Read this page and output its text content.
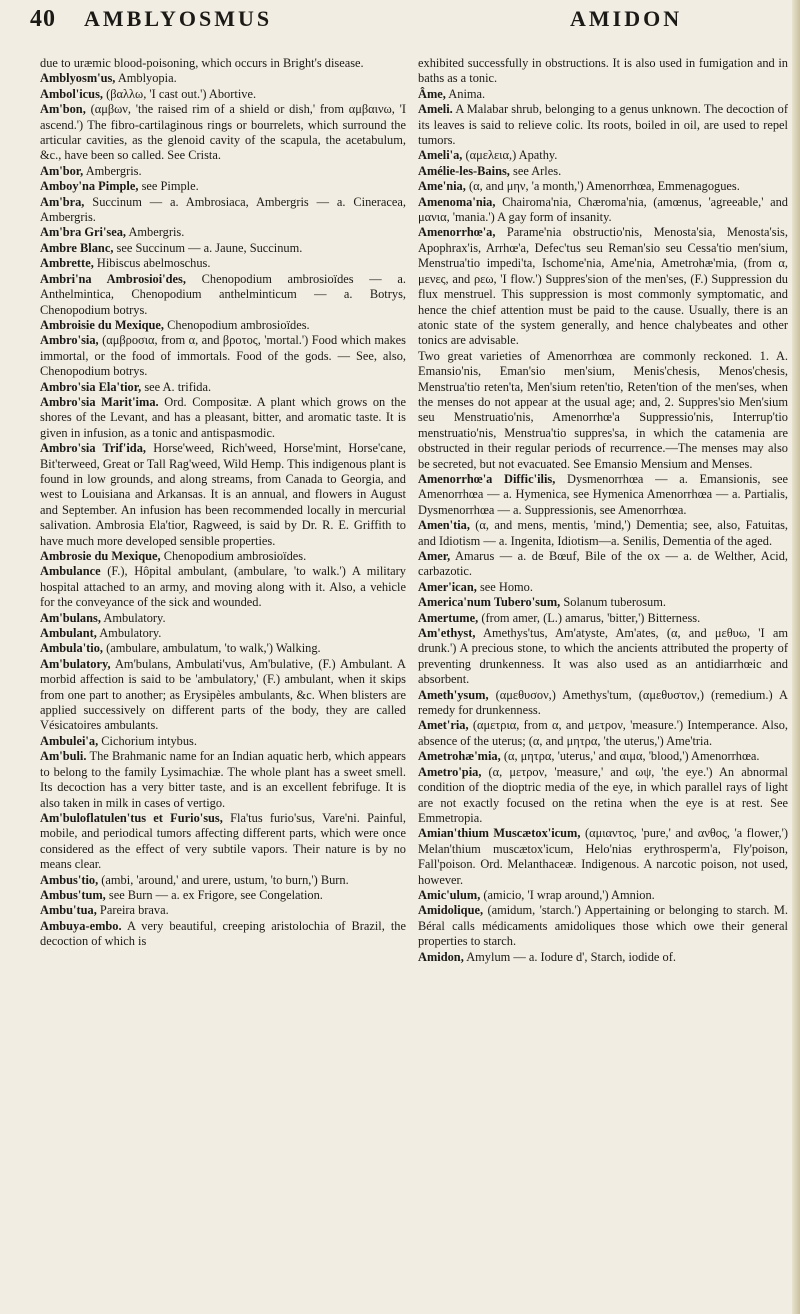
40 AMBLYOSMUS	AMIDON

due to uræmic blood-poisoning, which occurs in Bright's disease.

Amblyosm'us, Amblyopia.

Ambol'icus, (βαλλω, 'I cast out.') Abortive.

Am'bon, (αμβων, 'the raised rim of a shield or dish,' from αμβαινω, 'I ascend.') The fibro-cartilaginous rings or bourrelets, which surround the articular cavities, as the glenoid cavity of the scapula, the acetabulum, &c., have been so called. See Crista.

Am'bor, Ambergris.

Amboy'na Pimple, see Pimple.

Am'bra, Succinum — a. Ambrosiaca, Ambergris — a. Cineracea, Ambergris.

Am'bra Gri'sea, Ambergris.

Ambre Blanc, see Succinum — a. Jaune, Succinum.

Ambrette, Hibiscus abelmoschus.

Ambri'na Ambrosioi'des, Chenopodium ambrosioïdes — a. Anthelmintica, Chenopodium anthelminticum — a. Botrys, Chenopodium botrys.

Ambroisie du Mexique, Chenopodium ambrosioïdes.

Ambro'sia, (αμβροσια, from α, and βροτος, 'mortal.') Food which makes immortal, or the food of immortals. Food of the gods. — See, also, Chenopodium botrys.

Ambro'sia Ela'tior, see A. trifida.

Ambro'sia Marit'ima. Ord. Compositæ. A plant which grows on the shores of the Levant, and has a pleasant, bitter, and aromatic taste. It is given in infusion, as a tonic and antispasmodic.

Ambro'sia Trif'ida, Horse'weed, Rich'weed, Horse'mint, Horse'cane, Bit'terweed, Great or Tall Rag'weed, Wild Hemp. This indigenous plant is found in low grounds, and along streams, from Canada to Georgia, and west to Louisiana and Arkansas. It is an annual, and flowers in August and September. An infusion has been recommended locally in mercurial salivation. Ambrosia Ela'tior, Ragweed, is said by Dr. R. E. Griffith to have much more developed sensible properties.

Ambrosie du Mexique, Chenopodium ambrosioïdes.

Ambulance (F.), Hôpital ambulant, (ambulare, 'to walk.') A military hospital attached to an army, and moving along with it. Also, a vehicle for the conveyance of the sick and wounded.

Am'bulans, Ambulatory.

Ambulant, Ambulatory.

Ambula'tio, (ambulare, ambulatum, 'to walk,') Walking.

Am'bulatory, Am'bulans, Ambulati'vus, Am'bulative, (F.) Ambulant. A morbid affection is said to be 'ambulatory,' (F.) ambulant, when it skips from one part to another; as Erysipèles ambulants, &c. When blisters are applied successively on different parts of the body, they are called Vésicatoires ambulants.

Ambulei'a, Cichorium intybus.

Am'buli. The Brahmanic name for an Indian aquatic herb, which appears to belong to the family Lysimachiæ. The whole plant has a sweet smell. Its decoction has a very bitter taste, and is an excellent febrifuge. It is also taken in milk in cases of vertigo.

Am'buloflatulen'tus et Furio'sus, Fla'tus furio'sus, Vare'ni. Painful, mobile, and periodical tumors affecting different parts, which were once considered as the effect of very subtile vapors. Their nature is by no means clear.

Ambus'tio, (ambi, 'around,' and urere, ustum, 'to burn,') Burn.

Ambus'tum, see Burn — a. ex Frigore, see Congelation.

Ambu'tua, Pareira brava.

Ambuya-embo. A very beautiful, creeping aristolochia of Brazil, the decoction of which is

exhibited successfully in obstructions. It is also used in fumigation and in baths as a tonic.

Âme, Anima.

Ameli. A Malabar shrub, belonging to a genus unknown. The decoction of its leaves is said to relieve colic. Its roots, boiled in oil, are used to repel tumors.

Ameli'a, (αμελεια,) Apathy.

Amélie-les-Bains, see Arles.

Ame'nia, (α, and μην, 'a month,') Amenorrhœa, Emmenagogues.

Amenoma'nia, Chairoma'nia, Chæroma'nia, (amœnus, 'agreeable,' and μανια, 'mania.') A gay form of insanity.

Amenorrhœ'a, Parame'nia obstructio'nis, Menosta'sia, Menosta'sis, Apophrax'is, Arrhœ'a, Defec'tus seu Reman'sio seu Cessa'tio men'sium, Menstrua'tio impedi'ta, Ischome'nia, Ame'nia, Ametrohæ'mia, (from α, μενες, and ρεω, 'I flow.') Suppres'sion of the men'ses, (F.) Suppression du flux menstruel. This suppression is most commonly symptomatic, and hence the chief attention must be paid to the cause. Usually, there is an atonic state of the system generally, and hence chalybeates and other tonics are advisable.

Two great varieties of Amenorrhœa are commonly reckoned. 1. A. Emansio'nis, Eman'sio men'sium, Menis'chesis, Menos'chesis, Menstrua'tio reten'ta, Men'sium reten'tio, Reten'tion of the men'ses, when the menses do not appear at the usual age; and, 2. Suppres'sio Men'sium seu Menstruatio'nis, Amenorrhœ'a Suppressio'nis, Interrup'tio menstruatio'nis, Menstrua'tio suppres'sa, in which the catamenia are obstructed in their regular periods of recurrence.—The menses may also be secreted, but not evacuated. See Emansio Mensium and Menses.

Amenorrhœ'a Diffic'ilis, Dysmenorrhœa — a. Emansionis, see Amenorrhœa — a. Hymenica, see Hymenica Amenorrhœa — a. Partialis, Dysmenorrhœa — a. Suppressionis, see Amenorrhœa.

Amen'tia, (α, and mens, mentis, 'mind,') Dementia; see, also, Fatuitas, and Idiotism — a. Ingenita, Idiotism—a. Senilis, Dementia of the aged.

Amer, Amarus — a. de Bœuf, Bile of the ox — a. de Welther, Acid, carbazotic.

Amer'ican, see Homo.

America'num Tubero'sum, Solanum tuberosum.

Amertume, (from amer, (L.) amarus, 'bitter,') Bitterness.

Am'ethyst, Amethys'tus, Am'atyste, Am'ates, (α, and μεθυω, 'I am drunk.') A precious stone, to which the ancients attributed the property of preventing drunkenness. It was also used as an antidiarrhœic and absorbent.

Ameth'ysum, (αμεθυσον,) Amethys'tum, (αμεθυστον,) (remedium.) A remedy for drunkenness.

Amet'ria, (αμετρια, from α, and μετρον, 'measure.') Intemperance. Also, absence of the uterus; (α, and μητρα, 'the uterus,') Ame'tria.

Ametrohæ'mia, (α, μητρα, 'uterus,' and αιμα, 'blood,') Amenorrhœa.

Ametro'pia, (α, μετρον, 'measure,' and ωψ, 'the eye.') An abnormal condition of the dioptric media of the eye, in which parallel rays of light are not exactly focused on the retina when the eye is at rest. See Emmetropia.

Amian'thium Muscætox'icum, (αμιαντος, 'pure,' and ανθος, 'a flower,') Melan'thium muscætox'icum, Helo'nias erythrosperm'a, Fly'poison, Fall'poison. Ord. Melanthaceæ. Indigenous. A narcotic poison, not used, however.

Amic'ulum, (amicio, 'I wrap around,') Amnion.

Amidolique, (amidum, 'starch.') Appertaining or belonging to starch. M. Béral calls médicaments amidoliques those which owe their general properties to starch.

Amidon, Amylum — a. Iodure d', Starch, iodide of.
